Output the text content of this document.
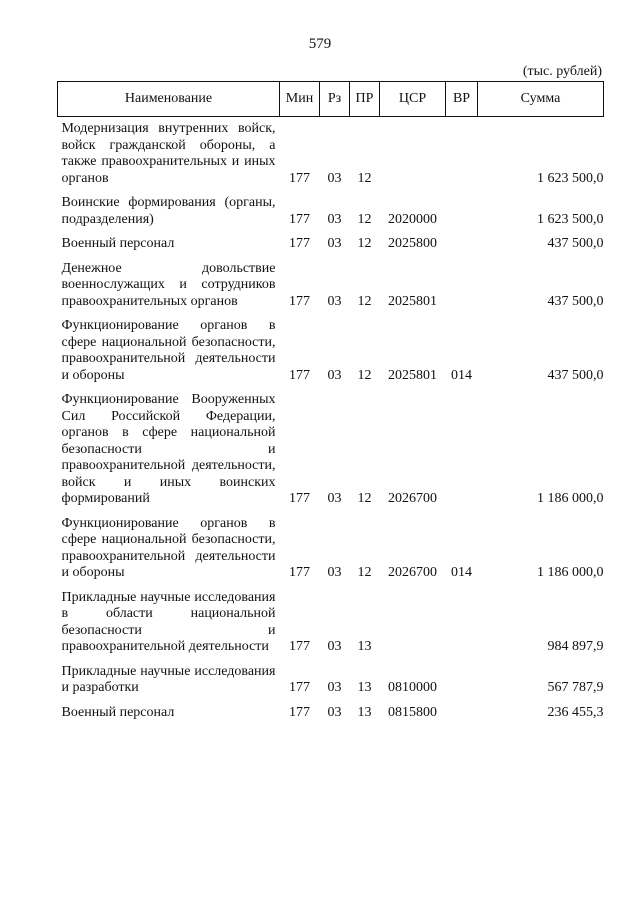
579
(тыс. рублей)
Наименование	Мин	Рз	ПР	ЦСР	ВР	Сумма
Модернизация внутренних войск, войск гражданской обороны, а также правоохранительных и иных органов	177	03	12			1 623 500,0
Воинские формирования (органы, подразделения)	177	03	12	2020000		1 623 500,0
Военный персонал	177	03	12	2025800		437 500,0
Денежное довольствие военнослужащих и сотрудников правоохранительных органов	177	03	12	2025801		437 500,0
Функционирование органов в сфере национальной безопасности, правоохранительной деятельности и обороны	177	03	12	2025801	014	437 500,0
Функционирование Вооруженных Сил Российской Федерации, органов в сфере национальной безопасности и правоохранительной деятельности, войск и иных воинских формирований	177	03	12	2026700		1 186 000,0
Функционирование органов в сфере национальной безопасности, правоохранительной деятельности и обороны	177	03	12	2026700	014	1 186 000,0
Прикладные научные исследования в области национальной безопасности и правоохранительной деятельности	177	03	13			984 897,9
Прикладные научные исследования и разработки	177	03	13	0810000		567 787,9
Военный персонал	177	03	13	0815800		236 455,3
